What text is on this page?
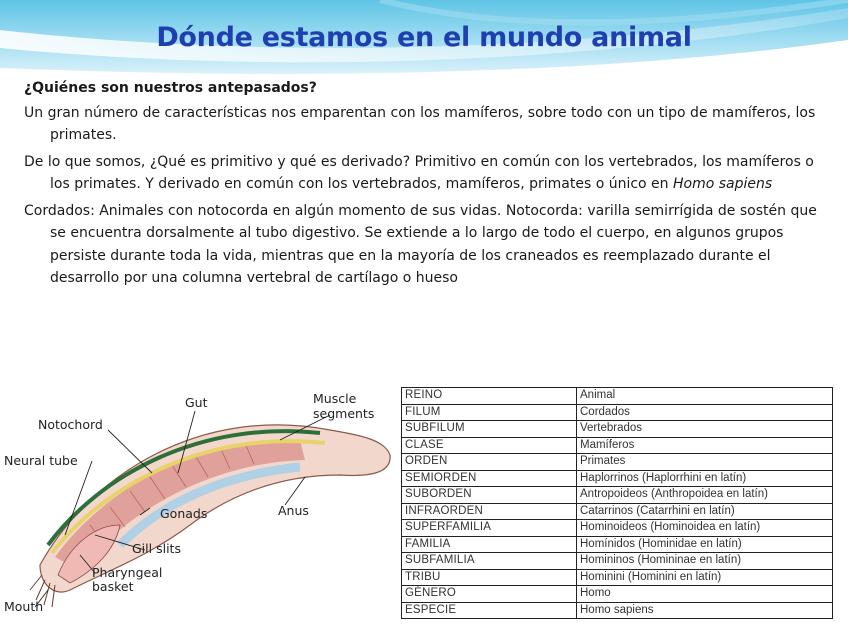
Dónde estamos en el mundo animal

¿Quiénes son nuestros antepasados?

Un gran número de características nos emparentan con los mamíferos, sobre todo con un tipo de mamíferos, los primates.

De lo que somos, ¿Qué es primitivo y qué es derivado? Primitivo en común con los vertebrados, los mamíferos o los primates. Y derivado en común con los vertebrados, mamíferos, primates o único en Homo sapiens

Cordados: Animales con notocorda en algún momento de sus vidas. Notocorda: varilla semirrígida de sostén que se encuentra dorsalmente al tubo digestivo. Se extiende a lo largo de todo el cuerpo, en algunos grupos persiste durante toda la vida, mientras que en la mayoría de los craneados es reemplazado durante el desarrollo por una columna vertebral de cartílago o hueso

Gut	Muscle
segments
Notochord
Neural tube
Gonads	Anus
Gill slits
Pharyngeal
basket
Mouth
REINO	Animal
FILUM	Cordados
SUBFILUM	Vertebrados
CLASE	Mamíferos
ORDEN	Primates
SEMIORDEN	Haplorrinos (Haplorrhini en latín)
SUBORDEN	Antropoideos (Anthropoidea en latín)
INFRAORDEN	Catarrinos (Catarrhini en latín)
SUPERFAMILIA	Hominoideos (Hominoidea en latín)
FAMILIA	Homínidos (Hominidae en latín)
SUBFAMILIA	Homininos (Homininae en latín)
TRIBU	Hominini (Hominini en latín)
GÉNERO	Homo
ESPECIE	Homo sapiens
